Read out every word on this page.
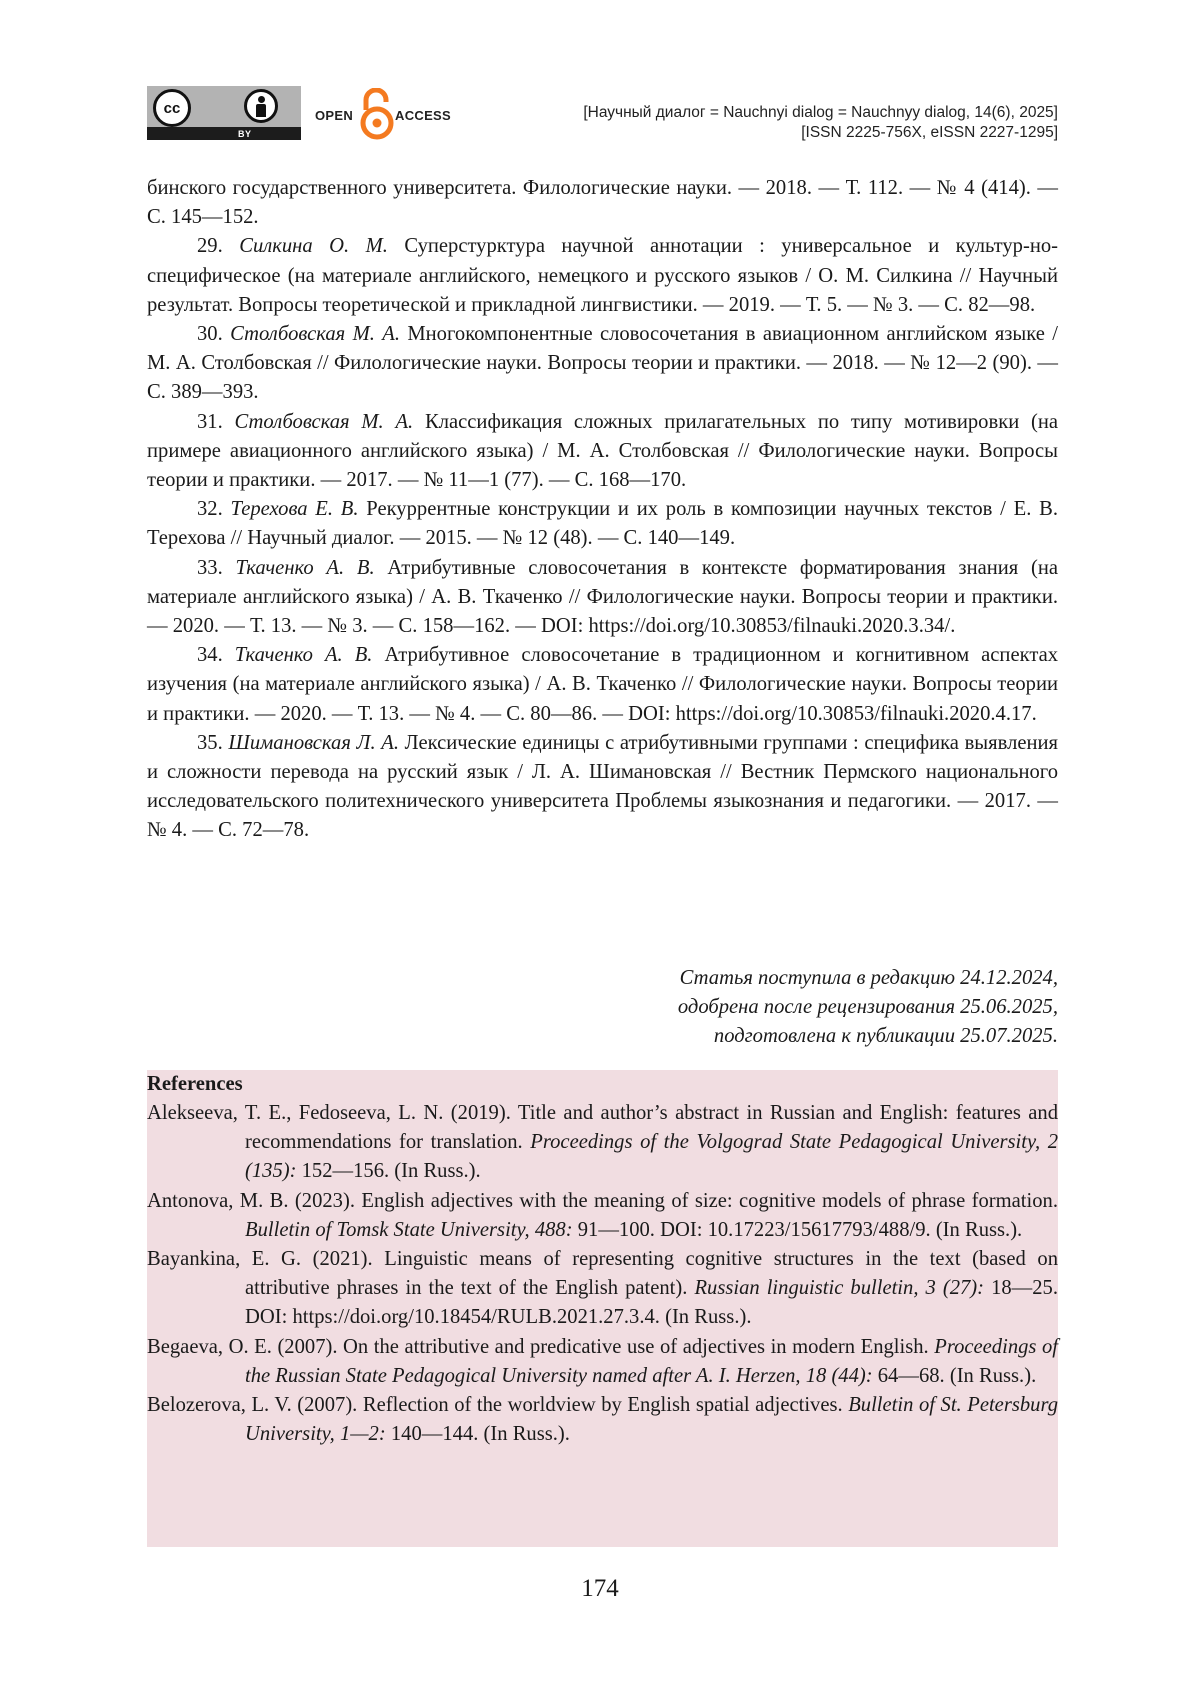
cc
BY
OPEN	ACCESS	[Научный диалог = Nauchnyi dialog = Nauchnyy dialog, 14(6), 2025]
[ISSN 2225-756X, eISSN 2227-1295]

бинского государственного университета. Филологические науки. — 2018. — Т. 112. — № 4 (414). — С. 145—152.

29. Силкина О. М. Суперстурктура научной аннотации : универсальное и культур-но-специфическое (на материале английского, немецкого и русского языков / О. М. Силкина // Научный результат. Вопросы теоретической и прикладной лингвистики. — 2019. — Т. 5. — № 3. — С. 82—98.

30. Столбовская М. А. Многокомпонентные словосочетания в авиационном английском языке / М. А. Столбовская // Филологические науки. Вопросы теории и практики. — 2018. — № 12—2 (90). — С. 389—393.

31. Столбовская М. А. Классификация сложных прилагательных по типу мотивировки (на примере авиационного английского языка) / М. А. Столбовская // Филологические науки. Вопросы теории и практики. — 2017. — № 11—1 (77). — С. 168—170.

32. Терехова Е. В. Рекуррентные конструкции и их роль в композиции научных текстов / Е. В. Терехова // Научный диалог. — 2015. — № 12 (48). — С. 140—149.

33. Ткаченко А. В. Атрибутивные словосочетания в контексте форматирования знания (на материале английского языка) / А. В. Ткаченко // Филологические науки. Вопросы теории и практики. — 2020. — Т. 13. — № 3. — С. 158—162. — DOI: https://doi.​org/10.30853/filnauki.2020.3.34/.

34. Ткаченко А. В. Атрибутивное словосочетание в традиционном и когнитивном аспектах изучения (на материале английского языка) / А. В. Ткаченко // Филологические науки. Вопросы теории и практики. — 2020. — Т. 13. — № 4. — С. 80—86. — DOI: https://doi.org/10.30853/filnauki.2020.4.17.

35. Шимановская Л. А. Лексические единицы с атрибутивными группами : специфика выявления и сложности перевода на русский язык / Л. А. Шимановская // Вестник Пермского национального исследовательского политехнического университета Проблемы языкознания и педагогики. — 2017. — № 4. — С. 72—78.

Статья поступила в редакцию 24.12.2024,
одобрена после рецензирования 25.06.2025,
подготовлена к публикации 25.07.2025.
References

Alekseeva, T. E., Fedoseeva, L. N. (2019). Title and author’s abstract in Russian and English: features and recommendations for translation. Proceedings of the Volgograd State Pedagogical University, 2 (135): 152—156. (In Russ.).

Antonova, M. B. (2023). English adjectives with the meaning of size: cognitive models of phrase formation. Bulletin of Tomsk State University, 488: 91—100. DOI: 10.17223/15617793/488/9. (In Russ.).

Bayankina, E. G. (2021). Linguistic means of representing cognitive structures in the text (based on attributive phrases in the text of the English patent). Russian linguistic bulletin, 3 (27): 18—25. DOI: https://doi.org/10.18454/RULB.2021.27.3.4. (In Russ.).

Begaeva, O. E. (2007). On the attributive and predicative use of adjectives in modern English. Proceedings of the Russian State Pedagogical University named after A. I. Herzen, 18 (44): 64—68. (In Russ.).

Belozerova, L. V. (2007). Reflection of the worldview by English spatial adjectives. Bulletin of St. Petersburg University, 1—2: 140—144. (In Russ.).

174
